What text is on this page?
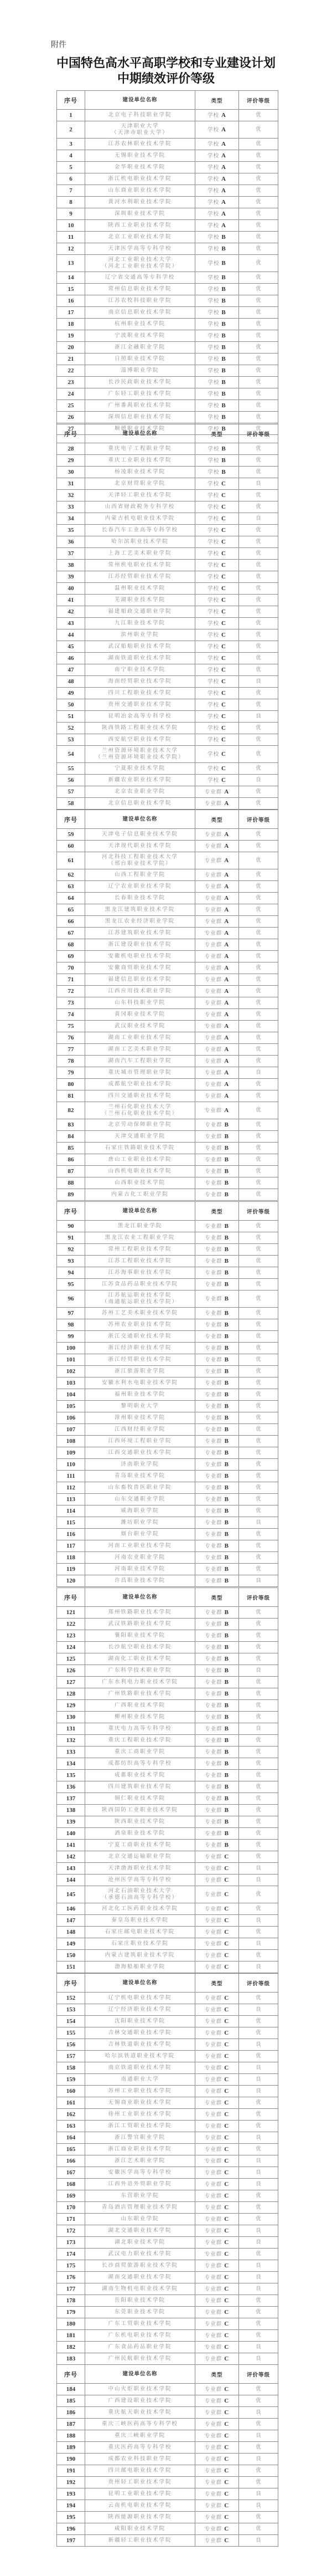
附件
中国特色高水平高职学校和专业建设计划
中期绩效评价等级
序号	建设单位名称	类型	评价等级
1	北京电子科技职业学院	学校 A	优
2	天津职业大学
（天津市职业大学）	学校 A	优
3	江苏农林职业技术学院	学校 A	优
4	无锡职业技术学院	学校 A	优
5	金华职业技术学院	学校 A	优
6	浙江机电职业技术学院	学校 A	优
7	山东商业职业技术学院	学校 A	优
8	黄河水利职业技术学院	学校 A	优
9	深圳职业技术学院	学校 A	优
10	陕西工业职业技术学院	学校 A	优
11	北京工业职业技术学院	学校 B	优
12	天津医学高等专科学校	学校 B	优
13	河北工业职业技术大学
（河北工业职业技术学院）	学校 B	优
14	辽宁省交通高等专科学校	学校 B	优
15	常州信息职业技术学院	学校 B	优
16	江苏农牧科技职业学院	学校 B	优
17	南京信息职业技术学院	学校 B	优
18	杭州职业技术学院	学校 B	优
19	宁波职业技术学院	学校 B	优
20	浙江金融职业学院	学校 B	优
21	日照职业技术学院	学校 B	优
22	淄博职业学院	学校 B	优
23	长沙民政职业技术学院	学校 B	优
24	广东轻工职业技术学院	学校 B	优
25	广州番禺职业技术学院	学校 B	优
26	深圳信息职业技术学院	学校 B	优
27	顺德职业技术学院	学校 B	优
序号	建设单位名称	类型	评价等级
28	重庆电子工程职业学院	学校 B	优
29	重庆工业职业技术学院	学校 B	优
30	杨凌职业技术学院	学校 B	优
31	北京财贸职业学院	学校 C	良
32	天津轻工职业技术学院	学校 C	优
33	山西省财政税务专科学校	学校 C	优
34	内蒙古机电职业技术学院	学校 C	良
35	长春汽车工业高等专科学校	学校 C	优
36	哈尔滨职业技术学院	学校 C	优
37	上海工艺美术职业学院	学校 C	优
38	常州机电职业技术学院	学校 C	优
39	江苏经贸职业技术学院	学校 C	优
40	温州职业技术学院	学校 C	优
41	芜湖职业技术学院	学校 C	优
42	福建船政交通职业学院	学校 C	优
43	九江职业技术学院	学校 C	优
44	滨州职业学院	学校 C	优
45	武汉船舶职业技术学院	学校 C	优
46	湖南铁道职业技术学院	学校 C	优
47	南宁职业技术学院	学校 C	优
48	海南经贸职业技术学院	学校 C	良
49	四川工程职业技术学院	学校 C	优
50	贵州交通职业技术学院	学校 C	优
51	昆明冶金高等专科学校	学校 C	良
52	陕西铁路工程职业技术学院	学校 C	优
53	西安航空职业技术学院	学校 C	优
54	兰州资源环境职业技术大学
（兰州资源环境职业技术学院）	学校 C	优
55	宁夏职业技术学院	学校 C	优
56	新疆农业职业技术学院	学校 C	良
57	北京农业职业学院	专业群 A	优
58	北京信息职业技术学院	专业群 A	优
序号	建设单位名称	类型	评价等级
59	天津电子信息职业技术学院	专业群 A	优
60	天津现代职业技术学院	专业群 A	优
61	河北科技工程职业技术大学
（邢台职业技术学院）	专业群 A	优
62	山西工程职业学院	专业群 A	优
63	辽宁农业职业技术学院	专业群 A	优
64	长春职业技术学院	专业群 A	优
65	黑龙江建筑职业技术学院	专业群 A	优
66	黑龙江农业经济职业学院	专业群 A	优
67	江苏建筑职业技术学院	专业群 A	优
68	浙江建设职业技术学院	专业群 A	优
69	安徽机电职业技术学院	专业群 A	优
70	安徽商贸职业技术学院	专业群 A	优
71	福建信息职业技术学院	专业群 A	优
72	江西应用技术职业学院	专业群 A	优
73	山东科技职业学院	专业群 A	优
74	黄冈职业技术学院	专业群 A	优
75	武汉职业技术学院	专业群 A	优
76	湖南工业职业技术学院	专业群 A	优
77	湖南工艺美术职业学院	专业群 A	优
78	湖南汽车工程职业学院	专业群 A	优
79	重庆城市管理职业学院	专业群 A	良
80	成都航空职业技术学院	专业群 A	优
81	四川交通职业技术学院	专业群 A	优
82	兰州石化职业技术大学
（兰州石化职业技术学院）	专业群 A	优
83	北京劳动保障职业学院	专业群 B	优
84	天津交通职业学院	专业群 B	优
85	石家庄铁路职业技术学院	专业群 B	优
86	唐山工业职业技术学院	专业群 B	优
87	山西机电职业技术学院	专业群 B	优
88	山西职业技术学院	专业群 B	优
89	内蒙古化工职业学院	专业群 B	优
序号	建设单位名称	类型	评价等级
90	黑龙江职业学院	专业群 B	优
91	黑龙江农业工程职业学院	专业群 B	优
92	常州工程职业技术学院	专业群 B	优
93	江苏工程职业技术学院	专业群 B	优
94	江苏海事职业技术学院	专业群 B	优
95	江苏食品药品职业技术学院	专业群 B	优
96	江苏航运职业技术学院
（南通航运职业技术学院）	专业群 B	优
97	苏州工艺美术职业技术学院	专业群 B	优
98	苏州农业职业技术学院	专业群 B	优
99	浙江交通职业技术学院	专业群 B	优
100	浙江经济职业技术学院	专业群 B	优
101	浙江经贸职业技术学院	专业群 B	优
102	浙江旅游职业学院	专业群 B	优
103	安徽水利水电职业技术学院	专业群 B	优
104	福州职业技术学院	专业群 B	优
105	黎明职业大学	专业群 B	优
106	漳州职业技术学院	专业群 B	优
107	江西财经职业学院	专业群 B	优
108	江西环境工程职业学院	专业群 B	优
109	江西交通职业技术学院	专业群 B	优
110	济南职业学院	专业群 B	优
111	青岛职业技术学院	专业群 B	优
112	山东畜牧兽医职业学院	专业群 B	优
113	山东交通职业学院	专业群 B	优
114	威海职业学院	专业群 B	优
115	潍坊职业学院	专业群 B	良
116	烟台职业学院	专业群 B	优
117	河南工业职业技术学院	专业群 B	优
118	河南农业职业学院	专业群 B	优
119	河南职业技术学院	专业群 B	优
120	许昌职业技术学院	专业群 B	良
序号	建设单位名称	类型	评价等级
121	郑州铁路职业技术学院	专业群 B	优
122	武汉铁路职业技术学院	专业群 B	优
123	襄阳职业技术学院	专业群 B	优
124	长沙航空职业技术学院	专业群 B	优
125	湖南化工职业技术学院	专业群 B	优
126	广东科学技术职业学院	专业群 B	良
127	广东水利电力职业技术学院	专业群 B	优
128	广州铁路职业技术学院	专业群 B	优
129	广西职业技术学院	专业群 B	优
130	柳州职业技术学院	专业群 B	优
131	重庆电力高等专科学校	专业群 B	良
132	重庆工程职业技术学院	专业群 B	优
133	重庆工商职业学院	专业群 B	优
134	成都纺织高等专科学校	专业群 B	优
135	成都职业技术学院	专业群 B	优
136	四川建筑职业技术学院	专业群 B	优
137	铜仁职业技术学院	专业群 B	优
138	陕西国防工业职业技术学院	专业群 B	优
139	陕西职业技术学院	专业群 B	优
140	酒泉职业技术学院	专业群 B	优
141	宁夏工商职业技术学院	专业群 B	优
142	北京交通运输职业学院	专业群 C	优
143	天津渤海职业技术学院	专业群 C	良
144	沧州医学高等专科学校	专业群 C	良
145	河北石油职业技术大学
（承德石油高等专科学校）	专业群 C	优
146	河北化工医药职业技术学院	专业群 C	优
147	秦皇岛职业技术学院	专业群 C	良
148	石家庄邮电职业技术学院	专业群 C	优
149	石家庄职业技术学院	专业群 C	良
150	内蒙古建筑职业技术学院	专业群 C	优
151	渤海船舶职业学院	专业群 C	良
序号	建设单位名称	类型	评价等级
152	辽宁机电职业技术学院	专业群 C	优
153	辽宁经济职业技术学院	专业群 C	良
154	沈阳职业技术学院	专业群 C	优
155	吉林交通职业技术学院	专业群 C	优
156	吉林铁道职业技术学院	专业群 C	良
157	哈尔滨铁道职业技术学院	专业群 C	优
158	南京铁道职业技术学院	专业群 C	良
159	南通职业大学	专业群 C	良
160	苏州工业职业技术学院	专业群 C	良
161	无锡商业职业技术学院	专业群 C	优
162	徐州工业职业技术学院	专业群 C	优
163	浙江工贸职业技术学院	专业群 C	优
164	浙江警官职业学院	专业群 C	良
165	浙江商业职业技术学院	专业群 C	优
166	浙江艺术职业学院	专业群 C	良
167	安徽医学高等专科学校	专业群 C	良
168	江西外语外贸职业学院	专业群 C	良
169	东营职业学院	专业群 C	优
170	青岛酒店管理职业技术学院	专业群 C	优
171	山东职业学院	专业群 C	优
172	湖北交通职业技术学院	专业群 C	良
173	湖北职业技术学院	专业群 C	良
174	武汉电力职业技术学院	专业群 C	优
175	长沙商贸旅游职业技术学院	专业群 C	良
176	湖南交通职业技术学院	专业群 C	良
177	湖南生物机电职业技术学院	专业群 C	良
178	岳阳职业技术学院	专业群 C	优
179	东莞职业技术学院	专业群 C	优
180	广东工贸职业技术学院	专业群 C	优
181	广东机电职业技术学院	专业群 C	优
182	广东食品药品职业学院	专业群 C	良
183	广州民航职业技术学院	专业群 C	良
序号	建设单位名称	类型	评价等级
184	中山火炬职业技术学院	专业群 C	优
185	广西建设职业技术学院	专业群 C	优
186	重庆航天职业技术学院	专业群 C	良
187	重庆三峡医药高等专科学校	专业群 C	优
188	重庆三峡职业学院	专业群 C	良
189	重庆医药高等专科学校	专业群 C	优
190	成都农业科技职业学院	专业群 C	良
191	四川邮电职业技术学院	专业群 C	优
192	贵州轻工职业技术学院	专业群 C	优
193	昆明工业职业技术学院	专业群 C	良
194	云南机电职业技术学院	专业群 C	良
195	陕西能源职业技术学院	专业群 C	优
196	咸阳职业技术学院	专业群 C	优
197	新疆轻工职业技术学院	专业群 C	良
